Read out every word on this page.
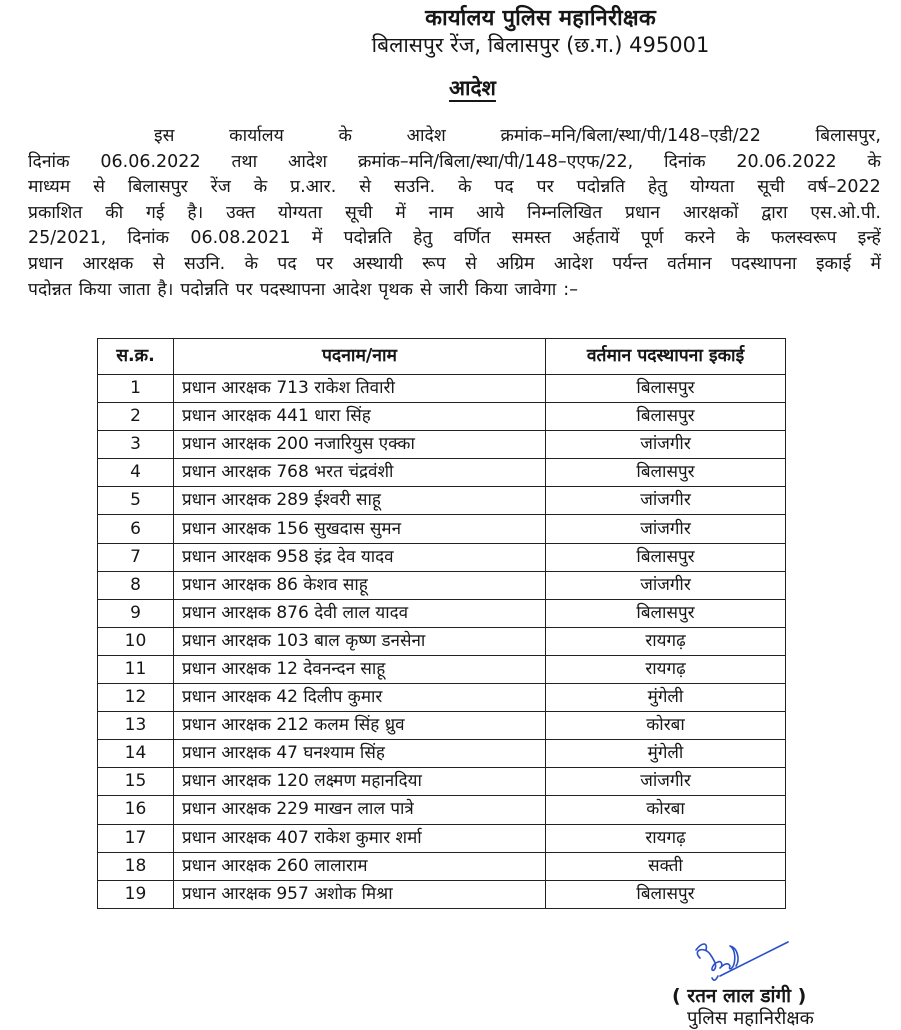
कार्यालय पुलिस महानिरीक्षक
बिलासपुर रेंज, बिलासपुर (छ.ग.) 495001
आदेश
इस	कार्यालय	के	आदेश	क्रमांक–मनि/बिला/स्था/पी/148–एडी/22	बिलासपुर,
दिनांक 06.06.2022 तथा आदेश क्रमांक–मनि/बिला/स्था/पी/148–एएफ/22, दिनांक 20.06.2022 के
माध्यम से बिलासपुर रेंज के प्र.आर. से सउनि. के पद पर पदोन्नति हेतु योग्यता सूची वर्ष–2022
प्रकाशित की गई है। उक्त योग्यता सूची में नाम आये निम्नलिखित प्रधान आरक्षकों द्वारा एस.ओ.पी.
25/2021, दिनांक 06.08.2021 में पदोन्नति हेतु वर्णित समस्त अर्हतायें पूर्ण करने के फलस्वरूप इन्हें
प्रधान आरक्षक से सउनि. के पद पर अस्थायी रूप से अग्रिम आदेश पर्यन्त वर्तमान पदस्थापना इकाई में
पदोन्नत किया जाता है। पदोन्नति पर पदस्थापना आदेश पृथक से जारी किया जावेगा :–
स.क्र.	पदनाम/नाम	वर्तमान पदस्थापना इकाई
1	प्रधान आरक्षक 713 राकेश तिवारी	बिलासपुर
2	प्रधान आरक्षक 441 धारा सिंह	बिलासपुर
3	प्रधान आरक्षक 200 नजारियुस एक्का	जांजगीर
4	प्रधान आरक्षक 768 भरत चंद्रवंशी	बिलासपुर
5	प्रधान आरक्षक 289 ईश्वरी साहू	जांजगीर
6	प्रधान आरक्षक 156 सुखदास सुमन	जांजगीर
7	प्रधान आरक्षक 958 इंद्र देव यादव	बिलासपुर
8	प्रधान आरक्षक 86 केशव साहू	जांजगीर
9	प्रधान आरक्षक 876 देवी लाल यादव	बिलासपुर
10	प्रधान आरक्षक 103 बाल कृष्ण डनसेना	रायगढ़
11	प्रधान आरक्षक 12 देवनन्दन साहू	रायगढ़
12	प्रधान आरक्षक 42 दिलीप कुमार	मुंगेली
13	प्रधान आरक्षक 212 कलम सिंह ध्रुव	कोरबा
14	प्रधान आरक्षक 47 घनश्याम सिंह	मुंगेली
15	प्रधान आरक्षक 120 लक्ष्मण महानदिया	जांजगीर
16	प्रधान आरक्षक 229 माखन लाल पात्रे	कोरबा
17	प्रधान आरक्षक 407 राकेश कुमार शर्मा	रायगढ़
18	प्रधान आरक्षक 260 लालाराम	सक्ती
19	प्रधान आरक्षक 957 अशोक मिश्रा	बिलासपुर
( रतन लाल डांगी )
पुलिस महानिरीक्षक
